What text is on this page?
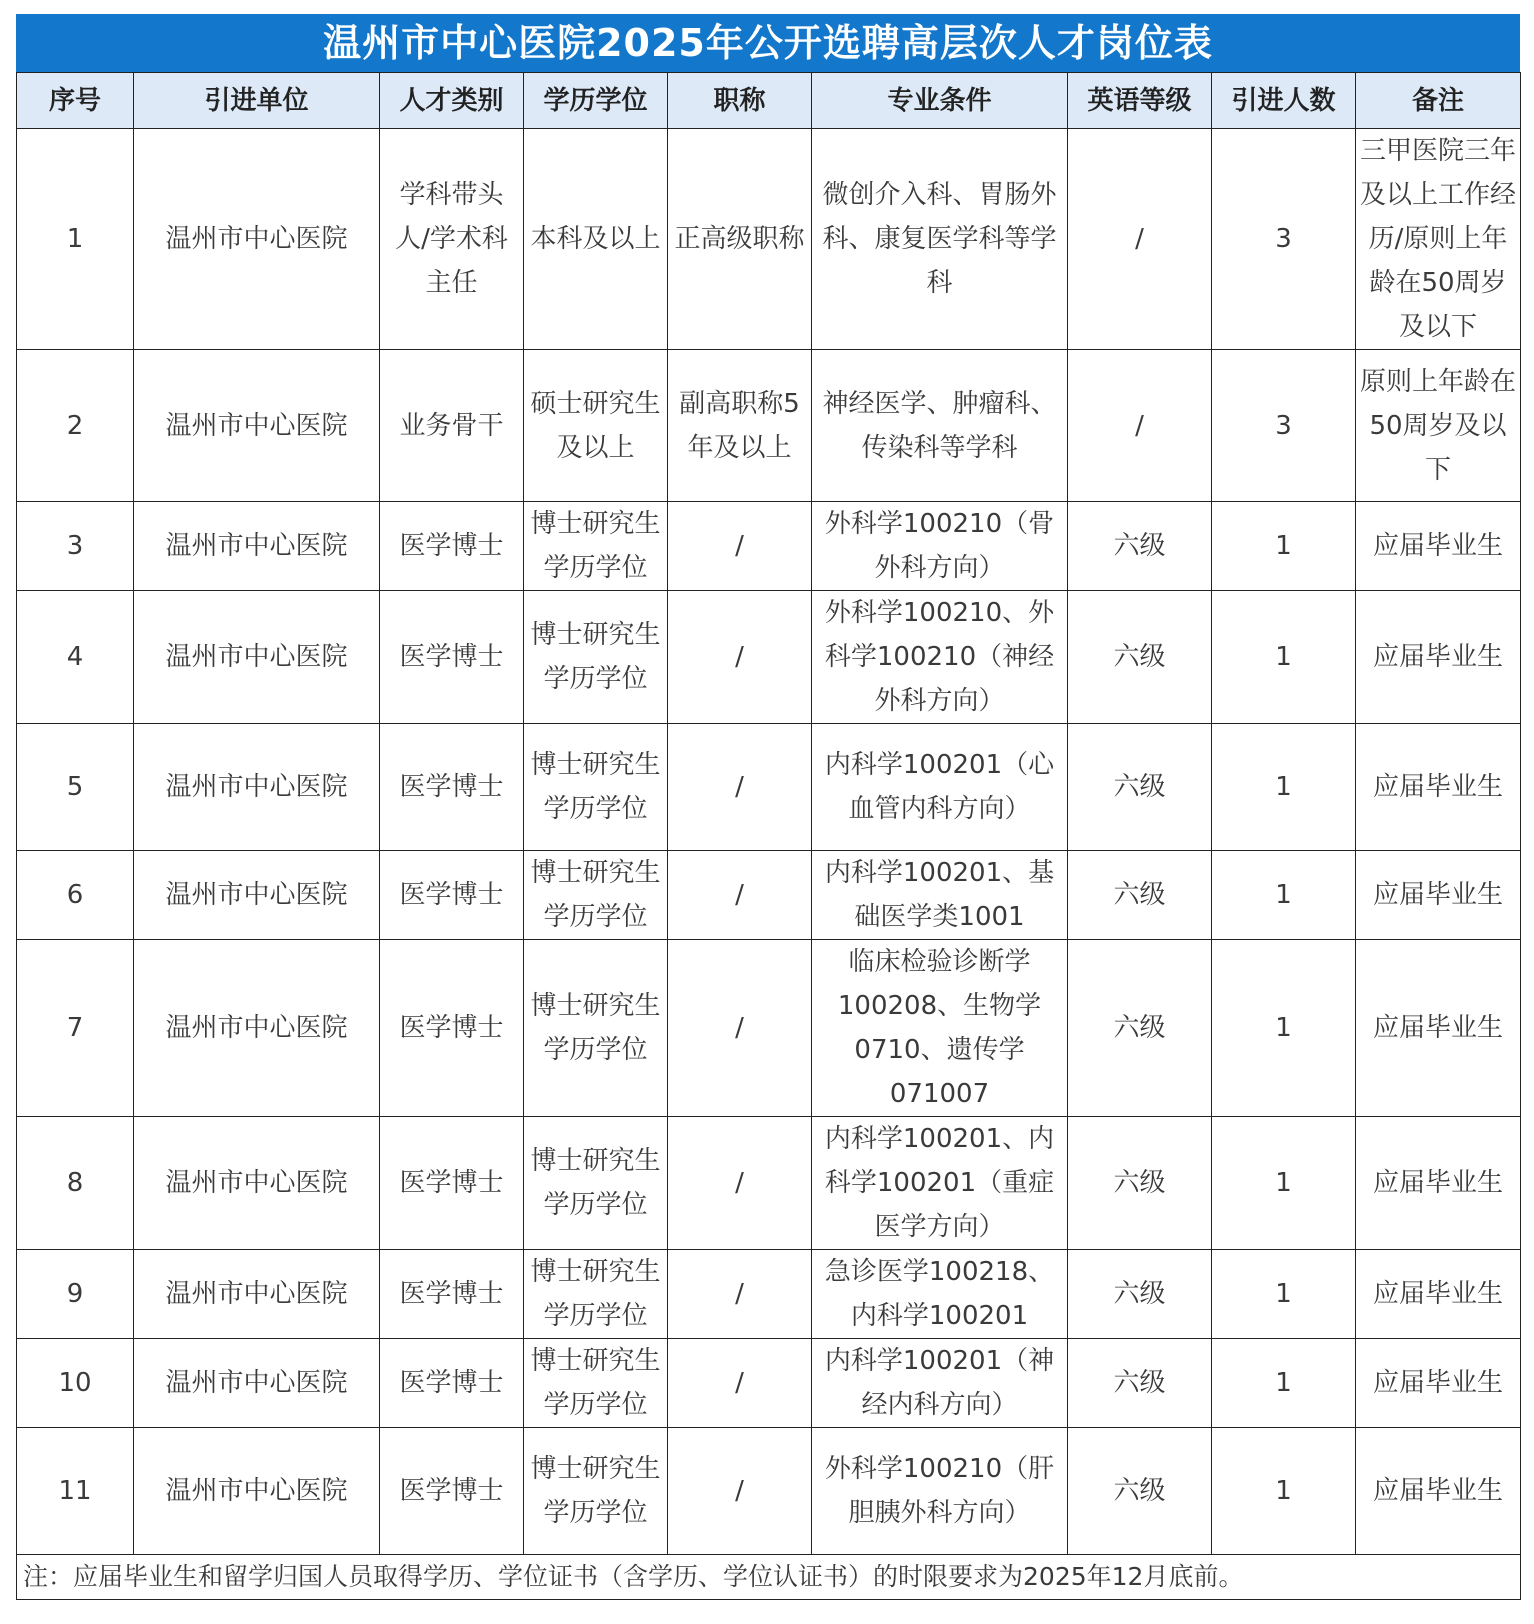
温州市中心医院2025年公开选聘高层次人才岗位表
序号	引进单位	人才类别	学历学位	职称	专业条件	英语等级	引进人数	备注
1	温州市中心医院	学科带头人/学术科主任	本科及以上	正高级职称	微创介入科、胃肠外科、康复医学科等学科	/	3	三甲医院三年及以上工作经历/原则上年龄在50周岁及以下
2	温州市中心医院	业务骨干	硕士研究生及以上	副高职称5年及以上	神经医学、肿瘤科、传染科等学科	/	3	原则上年龄在50周岁及以下
3	温州市中心医院	医学博士	博士研究生学历学位	/	外科学100210（骨外科方向）	六级	1	应届毕业生
4	温州市中心医院	医学博士	博士研究生学历学位	/	外科学100210、外科学100210（神经外科方向）	六级	1	应届毕业生
5	温州市中心医院	医学博士	博士研究生学历学位	/	内科学100201（心血管内科方向）	六级	1	应届毕业生
6	温州市中心医院	医学博士	博士研究生学历学位	/	内科学100201、基础医学类1001	六级	1	应届毕业生
7	温州市中心医院	医学博士	博士研究生学历学位	/	临床检验诊断学100208、生物学0710、遗传学071007	六级	1	应届毕业生
8	温州市中心医院	医学博士	博士研究生学历学位	/	内科学100201、内科学100201（重症医学方向）	六级	1	应届毕业生
9	温州市中心医院	医学博士	博士研究生学历学位	/	急诊医学100218、内科学100201	六级	1	应届毕业生
10	温州市中心医院	医学博士	博士研究生学历学位	/	内科学100201（神经内科方向）	六级	1	应届毕业生
11	温州市中心医院	医学博士	博士研究生学历学位	/	外科学100210（肝胆胰外科方向）	六级	1	应届毕业生
注：应届毕业生和留学归国人员取得学历、学位证书（含学历、学位认证书）的时限要求为2025年12月底前。								
